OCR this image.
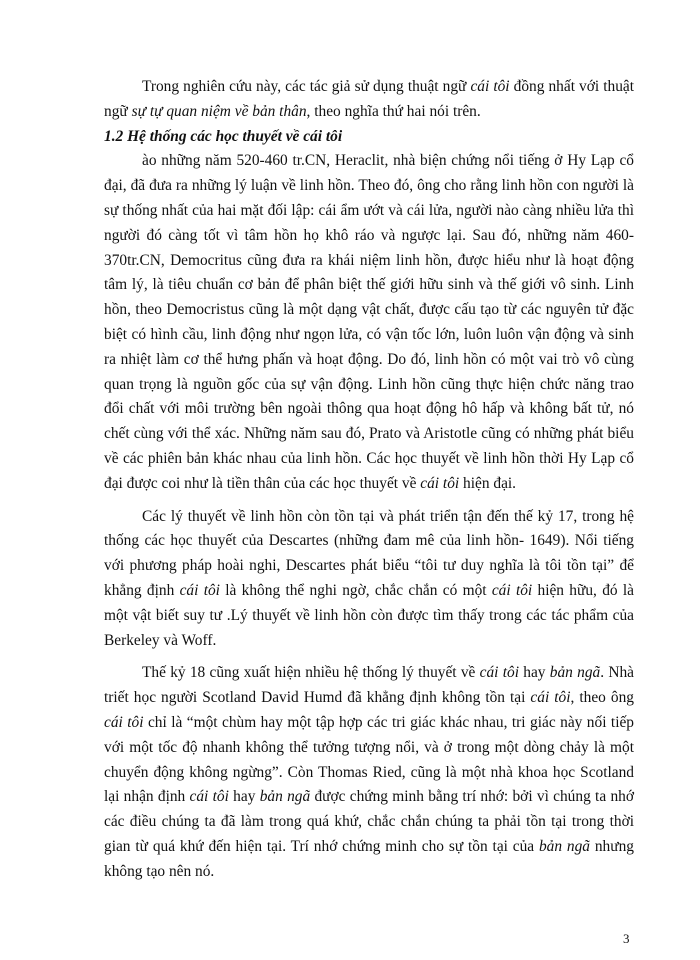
Trong nghiên cứu này, các tác giả sử dụng thuật ngữ cái tôi đồng nhất với thuật ngữ sự tự quan niệm về bản thân, theo nghĩa thứ hai nói trên.

1.2 Hệ thống các học thuyết về cái tôi

ào những năm 520-460 tr.CN, Heraclit, nhà biện chứng nổi tiếng ở Hy Lạp cổ đại, đã đưa ra những lý luận về linh hồn. Theo đó, ông cho rằng linh hồn con người là sự thống nhất của hai mặt đối lập: cái ẩm ướt và cái lửa, người nào càng nhiều lửa thì người đó càng tốt vì tâm hồn họ khô ráo và ngược lại. Sau đó, những năm 460-370tr.CN, Democritus cũng đưa ra khái niệm linh hồn, được hiểu như là hoạt động tâm lý, là tiêu chuẩn cơ bản để phân biệt thế giới hữu sinh và thế giới vô sinh. Linh hồn, theo Democristus cũng là một dạng vật chất, được cấu tạo từ các nguyên tử đặc biệt có hình cầu, linh động như ngọn lửa, có vận tốc lớn, luôn luôn vận động và sinh ra nhiệt làm cơ thể hưng phấn và hoạt động. Do đó, linh hồn có một vai trò vô cùng quan trọng là nguồn gốc của sự vận động. Linh hồn cũng thực hiện chức năng trao đổi chất với môi trường bên ngoài thông qua hoạt động hô hấp và không bất tử, nó chết cùng với thể xác. Những năm sau đó, Prato và Aristotle cũng có những phát biểu về các phiên bản khác nhau của linh hồn. Các học thuyết về linh hồn thời Hy Lạp cổ đại được coi như là tiền thân của các học thuyết về cái tôi hiện đại.

Các lý thuyết về linh hồn còn tồn tại và phát triển tận đến thế kỷ 17, trong hệ thống các học thuyết của Descartes (những đam mê của linh hồn- 1649). Nổi tiếng với phương pháp hoài nghi, Descartes phát biểu “tôi tư duy nghĩa là tôi tồn tại” để khẳng định cái tôi là không thể nghi ngờ, chắc chắn có một cái tôi hiện hữu, đó là một vật biết suy tư .Lý thuyết về linh hồn còn được tìm thấy trong các tác phẩm của Berkeley và Woff.

Thế kỷ 18 cũng xuất hiện nhiều hệ thống lý thuyết về cái tôi hay bản ngã. Nhà triết học người Scotland David Humd đã khẳng định không tồn tại cái tôi, theo ông cái tôi chỉ là “một chùm hay một tập hợp các tri giác khác nhau, tri giác này nối tiếp với một tốc độ nhanh không thể tưởng tượng nổi, và ở trong một dòng chảy là một chuyển động không ngừng”. Còn Thomas Ried, cũng là một nhà khoa học Scotland lại nhận định cái tôi hay bản ngã được chứng minh bằng trí nhớ: bởi vì chúng ta nhớ các điều chúng ta đã làm trong quá khứ, chắc chắn chúng ta phải tồn tại trong thời gian từ quá khứ đến hiện tại. Trí nhớ chứng minh cho sự tồn tại của bản ngã nhưng không tạo nên nó.

3
